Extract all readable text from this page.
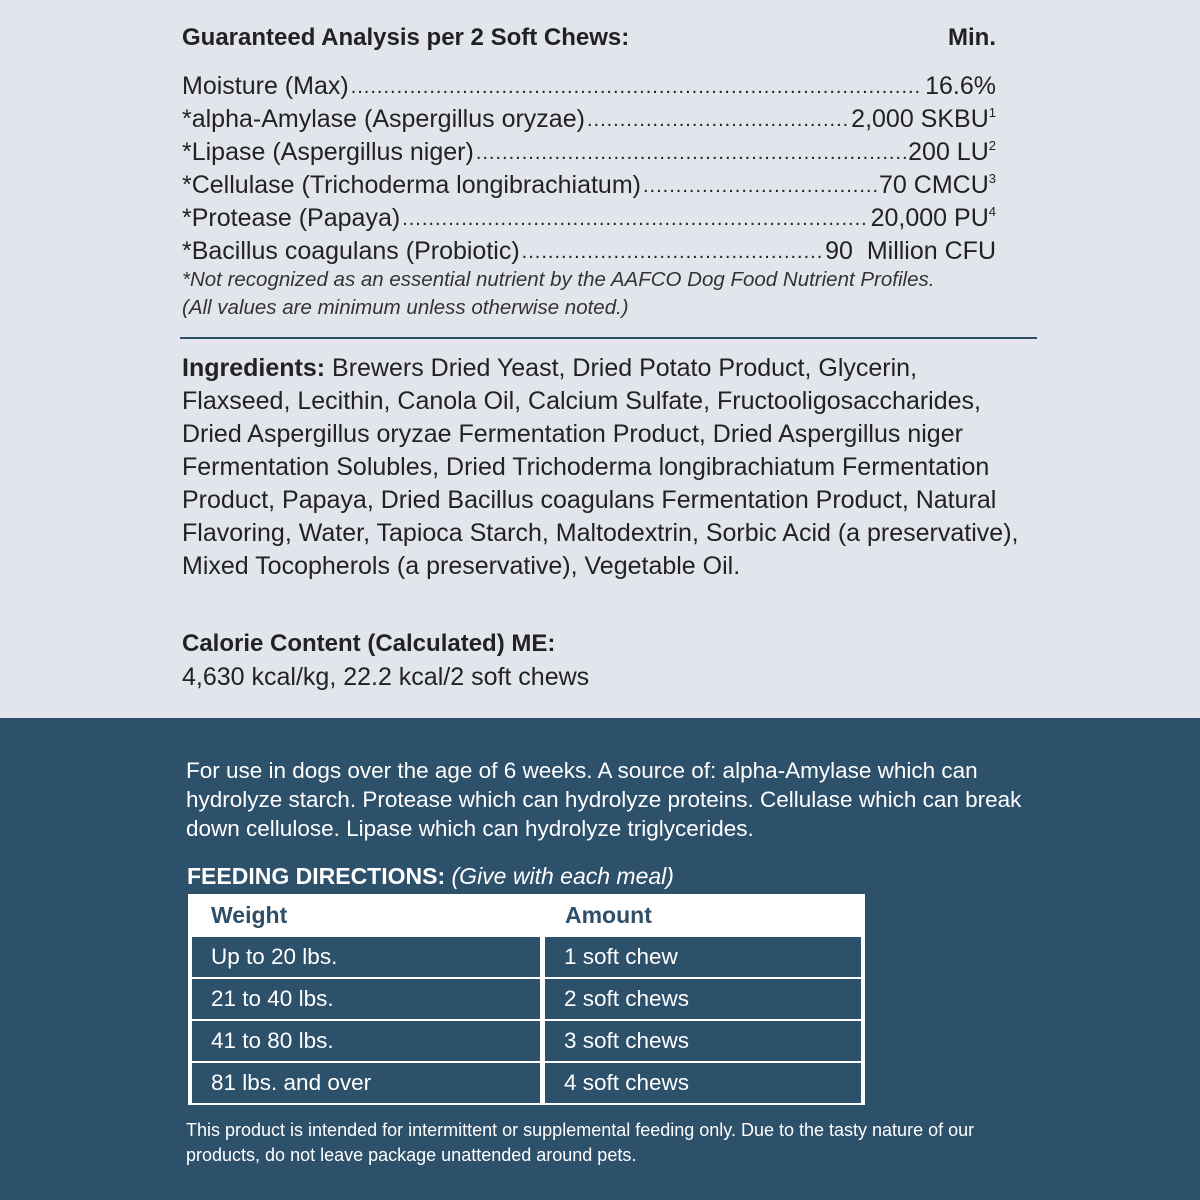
Guaranteed Analysis per 2 Soft Chews:	Min.
Moisture (Max) .....	16.6%
*alpha-Amylase (Aspergillus oryzae) .....	2,000 SKBU 1
*Lipase (Aspergillus niger) .....	200 LU 2
*Cellulase (Trichoderma longibrachiatum) .....	70 CMCU 3
*Protease (Papaya) .....	20,000 PU 4
*Bacillus coagulans (Probiotic) .....	90  Million CFU
*Not recognized as an essential nutrient by the AAFCO Dog Food Nutrient Profiles.
(All values are minimum unless otherwise noted.)
Ingredients: Brewers Dried Yeast, Dried Potato Product, Glycerin, Flaxseed, Lecithin, Canola Oil, Calcium Sulfate, Fructooligosaccharides, Dried Aspergillus oryzae Fermentation Product, Dried Aspergillus niger Fermentation Solubles, Dried Trichoderma longibrachiatum Fermentation Product, Papaya, Dried Bacillus coagulans Fermentation Product, Natural Flavoring, Water, Tapioca Starch, Maltodextrin, Sorbic Acid (a preservative), Mixed Tocopherols (a preservative), Vegetable Oil.
Calorie Content (Calculated) ME:
4,630 kcal/kg, 22.2 kcal/2 soft chews
For use in dogs over the age of 6 weeks. A source of: alpha-Amylase which can hydrolyze starch. Protease which can hydrolyze proteins. Cellulase which can break down cellulose. Lipase which can hydrolyze triglycerides.
FEEDING DIRECTIONS: (Give with each meal)
Weight	Amount
Up to 20 lbs.	1 soft chew
21 to 40 lbs.	2 soft chews
41 to 80 lbs.	3 soft chews
81 lbs. and over	4 soft chews
This product is intended for intermittent or supplemental feeding only. Due to the tasty nature of our products, do not leave package unattended around pets.
